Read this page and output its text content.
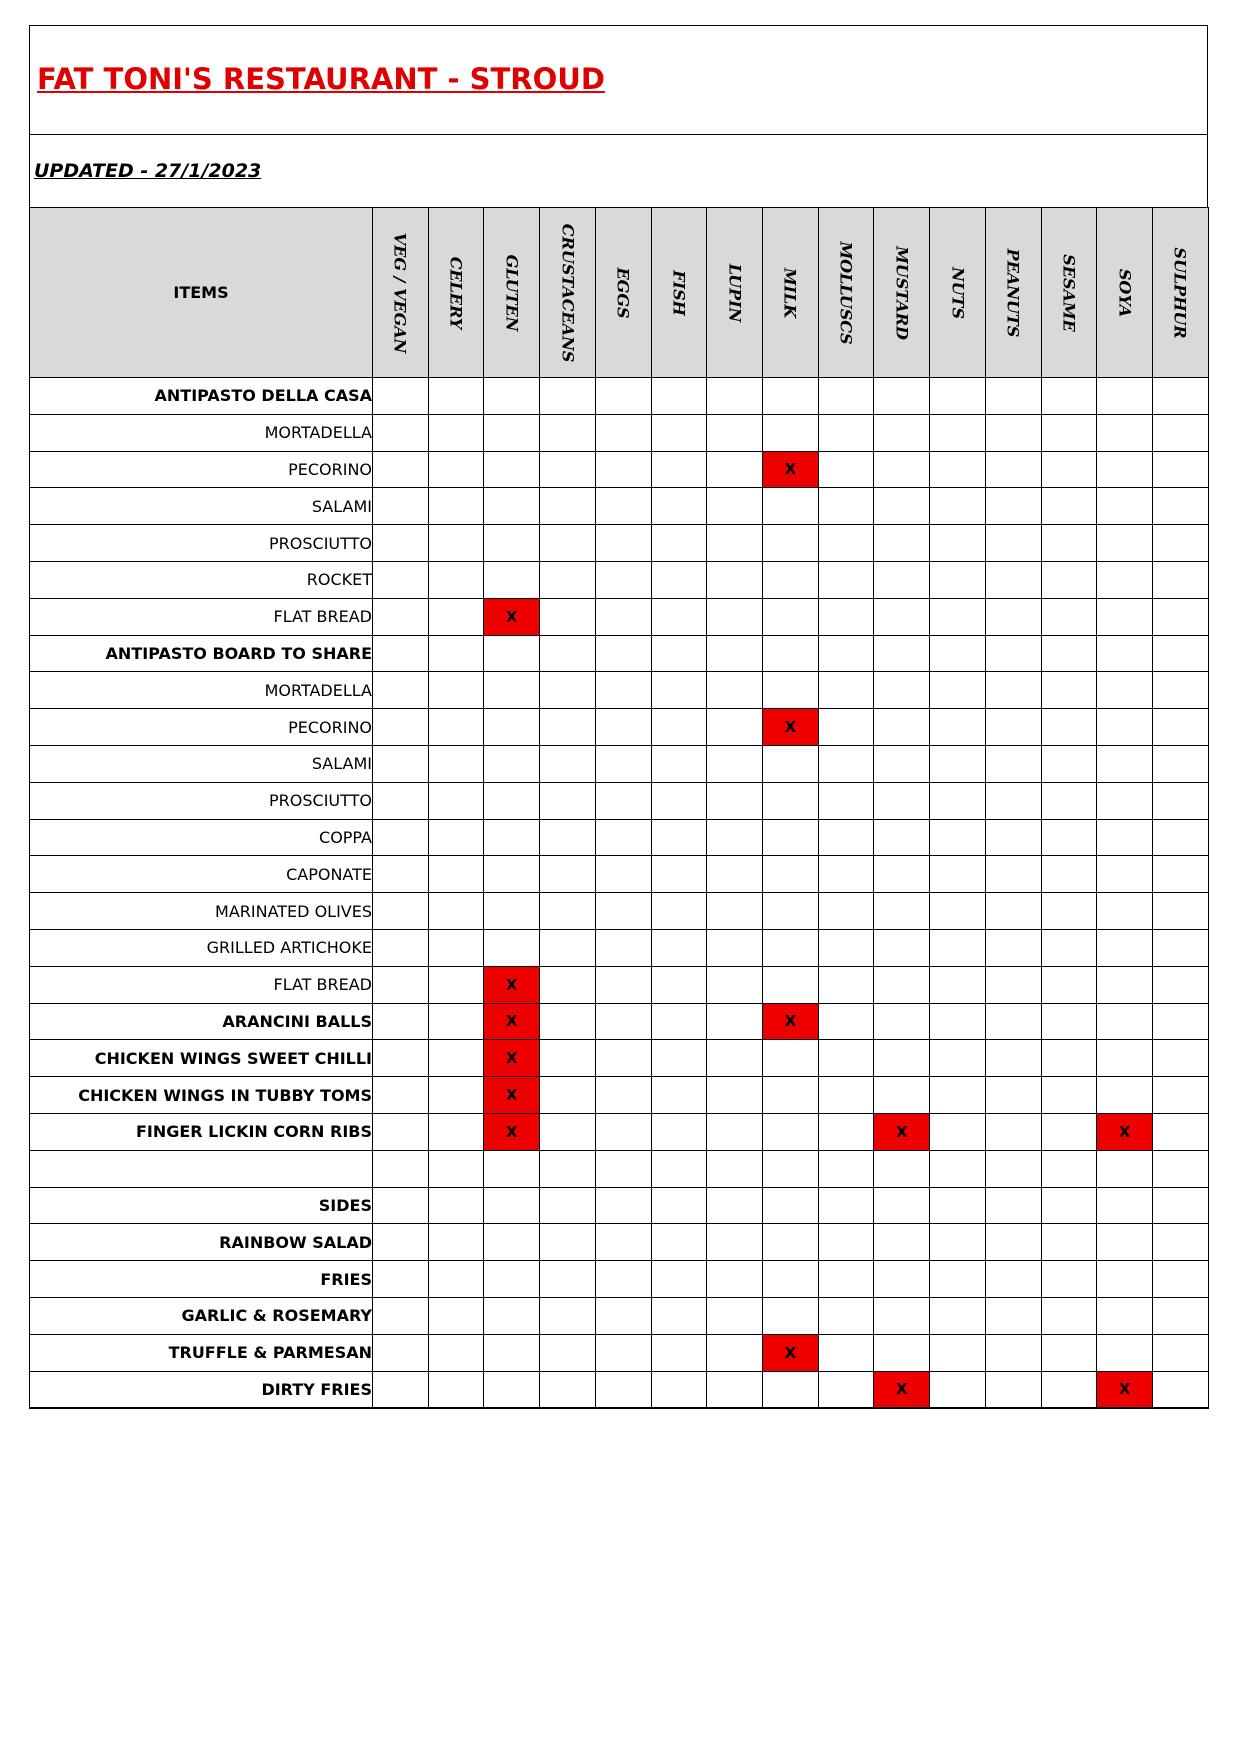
FAT TONI'S RESTAURANT - STROUD
UPDATED - 27/1/2023
ITEMS	VEG / VEGAN	CELERY	GLUTEN	CRUSTACEANS	EGGS	FISH	LUPIN	MILK	MOLLUSCS	MUSTARD	NUTS	PEANUTS	SESAME	SOYA	SULPHUR

ANTIPASTO DELLA CASA															
MORTADELLA															
PECORINO								X							
SALAMI															
PROSCIUTTO															
ROCKET															
FLAT BREAD			X												
ANTIPASTO BOARD TO SHARE															
MORTADELLA															
PECORINO								X							
SALAMI															
PROSCIUTTO															
COPPA															
CAPONATE															
MARINATED OLIVES															
GRILLED ARTICHOKE															
FLAT BREAD			X												
ARANCINI BALLS			X					X							
CHICKEN WINGS SWEET CHILLI			X												
CHICKEN WINGS IN TUBBY TOMS			X												
FINGER LICKIN CORN RIBS			X							X				X	

SIDES															
RAINBOW SALAD															
FRIES															
GARLIC & ROSEMARY															
TRUFFLE & PARMESAN								X							
DIRTY FRIES										X				X	
